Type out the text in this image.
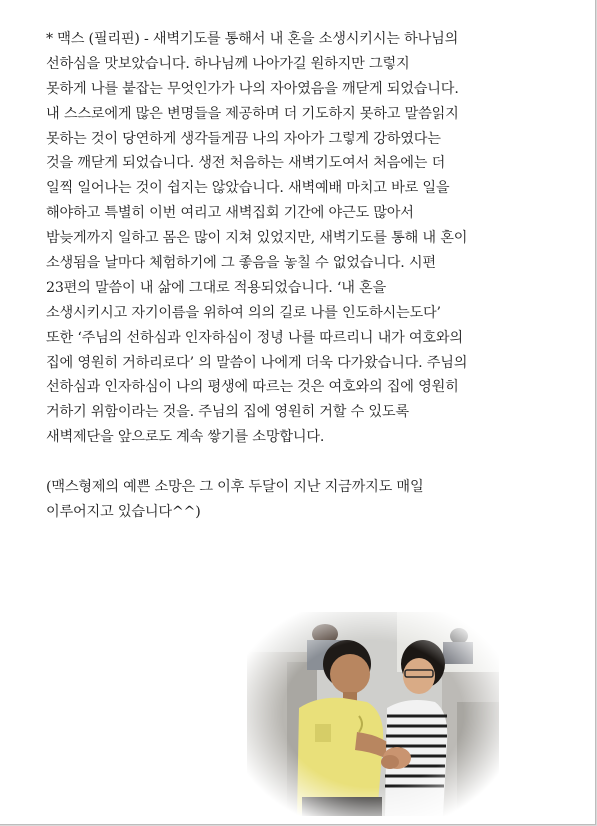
* 맥스 (필리핀) - 새벽기도를 통해서 내 혼을 소생시키시는 하나님의
선하심을 맛보았습니다. 하나님께 나아가길 원하지만 그렇지
못하게 나를 붙잡는 무엇인가가 나의 자아였음을 깨닫게 되었습니다.
내 스스로에게 많은 변명들을 제공하며 더 기도하지 못하고 말씀읽지
못하는 것이 당연하게 생각들게끔 나의 자아가 그렇게 강하였다는
것을 깨닫게 되었습니다. 생전 처음하는 새벽기도여서 처음에는 더
일찍 일어나는 것이 쉽지는 않았습니다. 새벽예배 마치고 바로 일을
해야하고 특별히 이번 여리고 새벽집회 기간에 야근도 많아서
밤늦게까지 일하고 몸은 많이 지쳐 있었지만, 새벽기도를 통해 내 혼이
소생됨을 날마다 체험하기에 그 좋음을 놓칠 수 없었습니다. 시편
23편의 말씀이 내 삶에 그대로 적용되었습니다. ‘내 혼을
소생시키시고 자기이름을 위하여 의의 길로 나를 인도하시는도다’
또한 ‘주님의 선하심과 인자하심이 정녕 나를 따르리니 내가 여호와의
집에 영원히 거하리로다’ 의 말씀이 나에게 더욱 다가왔습니다. 주님의
선하심과 인자하심이 나의 평생에 따르는 것은 여호와의 집에 영원히
거하기 위함이라는 것을. 주님의 집에 영원히 거할 수 있도록
새벽제단을 앞으로도 계속 쌓기를 소망합니다.
(맥스형제의 예쁜 소망은 그 이후 두달이 지난 지금까지도 매일
이루어지고 있습니다^^)
